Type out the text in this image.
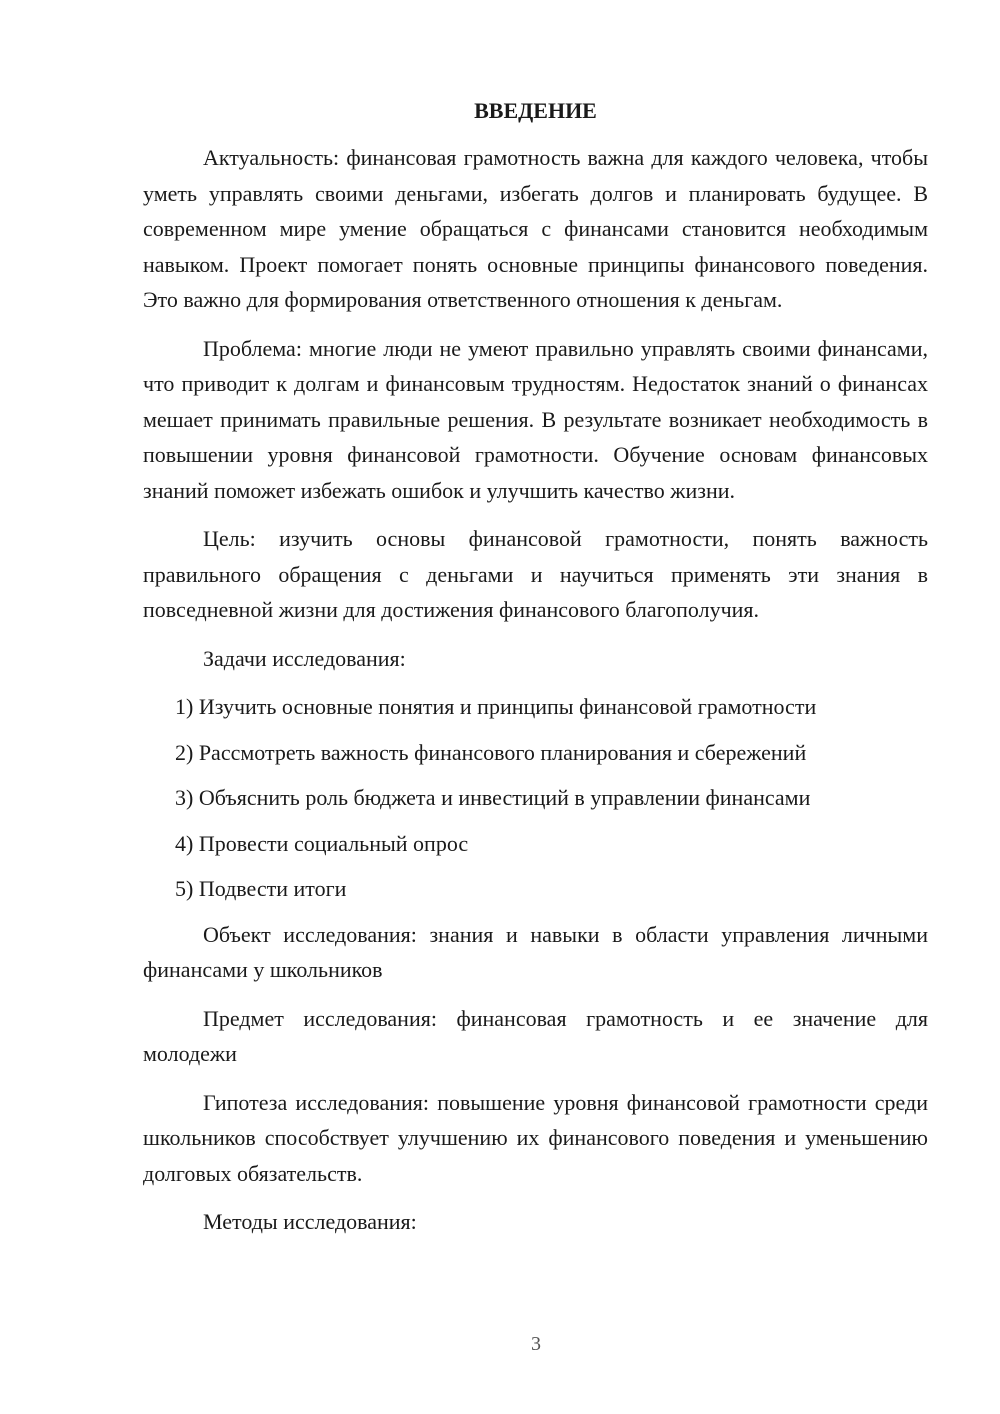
ВВЕДЕНИЕ

Актуальность: финансовая грамотность важна для каждого человека, чтобы уметь управлять своими деньгами, избегать долгов и планировать будущее. В современном мире умение обращаться с финансами становится необходимым навыком. Проект помогает понять основные принципы финансового поведения. Это важно для формирования ответственного отношения к деньгам.

Проблема: многие люди не умеют правильно управлять своими финансами, что приводит к долгам и финансовым трудностям. Недостаток знаний о финансах мешает принимать правильные решения. В результате возникает необходимость в повышении уровня финансовой грамотности. Обучение основам финансовых знаний поможет избежать ошибок и улучшить качество жизни.

Цель: изучить основы финансовой грамотности, понять важность правильного обращения с деньгами и научиться применять эти знания в повседневной жизни для достижения финансового благополучия.

Задачи исследования:

1) Изучить основные понятия и принципы финансовой грамотности
2) Рассмотреть важность финансового планирования и сбережений
3) Объяснить роль бюджета и инвестиций в управлении финансами
4) Провести социальный опрос
5) Подвести итоги

Объект исследования: знания и навыки в области управления личными финансами у школьников

Предмет исследования: финансовая грамотность и ее значение для молодежи

Гипотеза исследования: повышение уровня финансовой грамотности среди школьников способствует улучшению их финансового поведения и уменьшению долговых обязательств.

Методы исследования:

3
